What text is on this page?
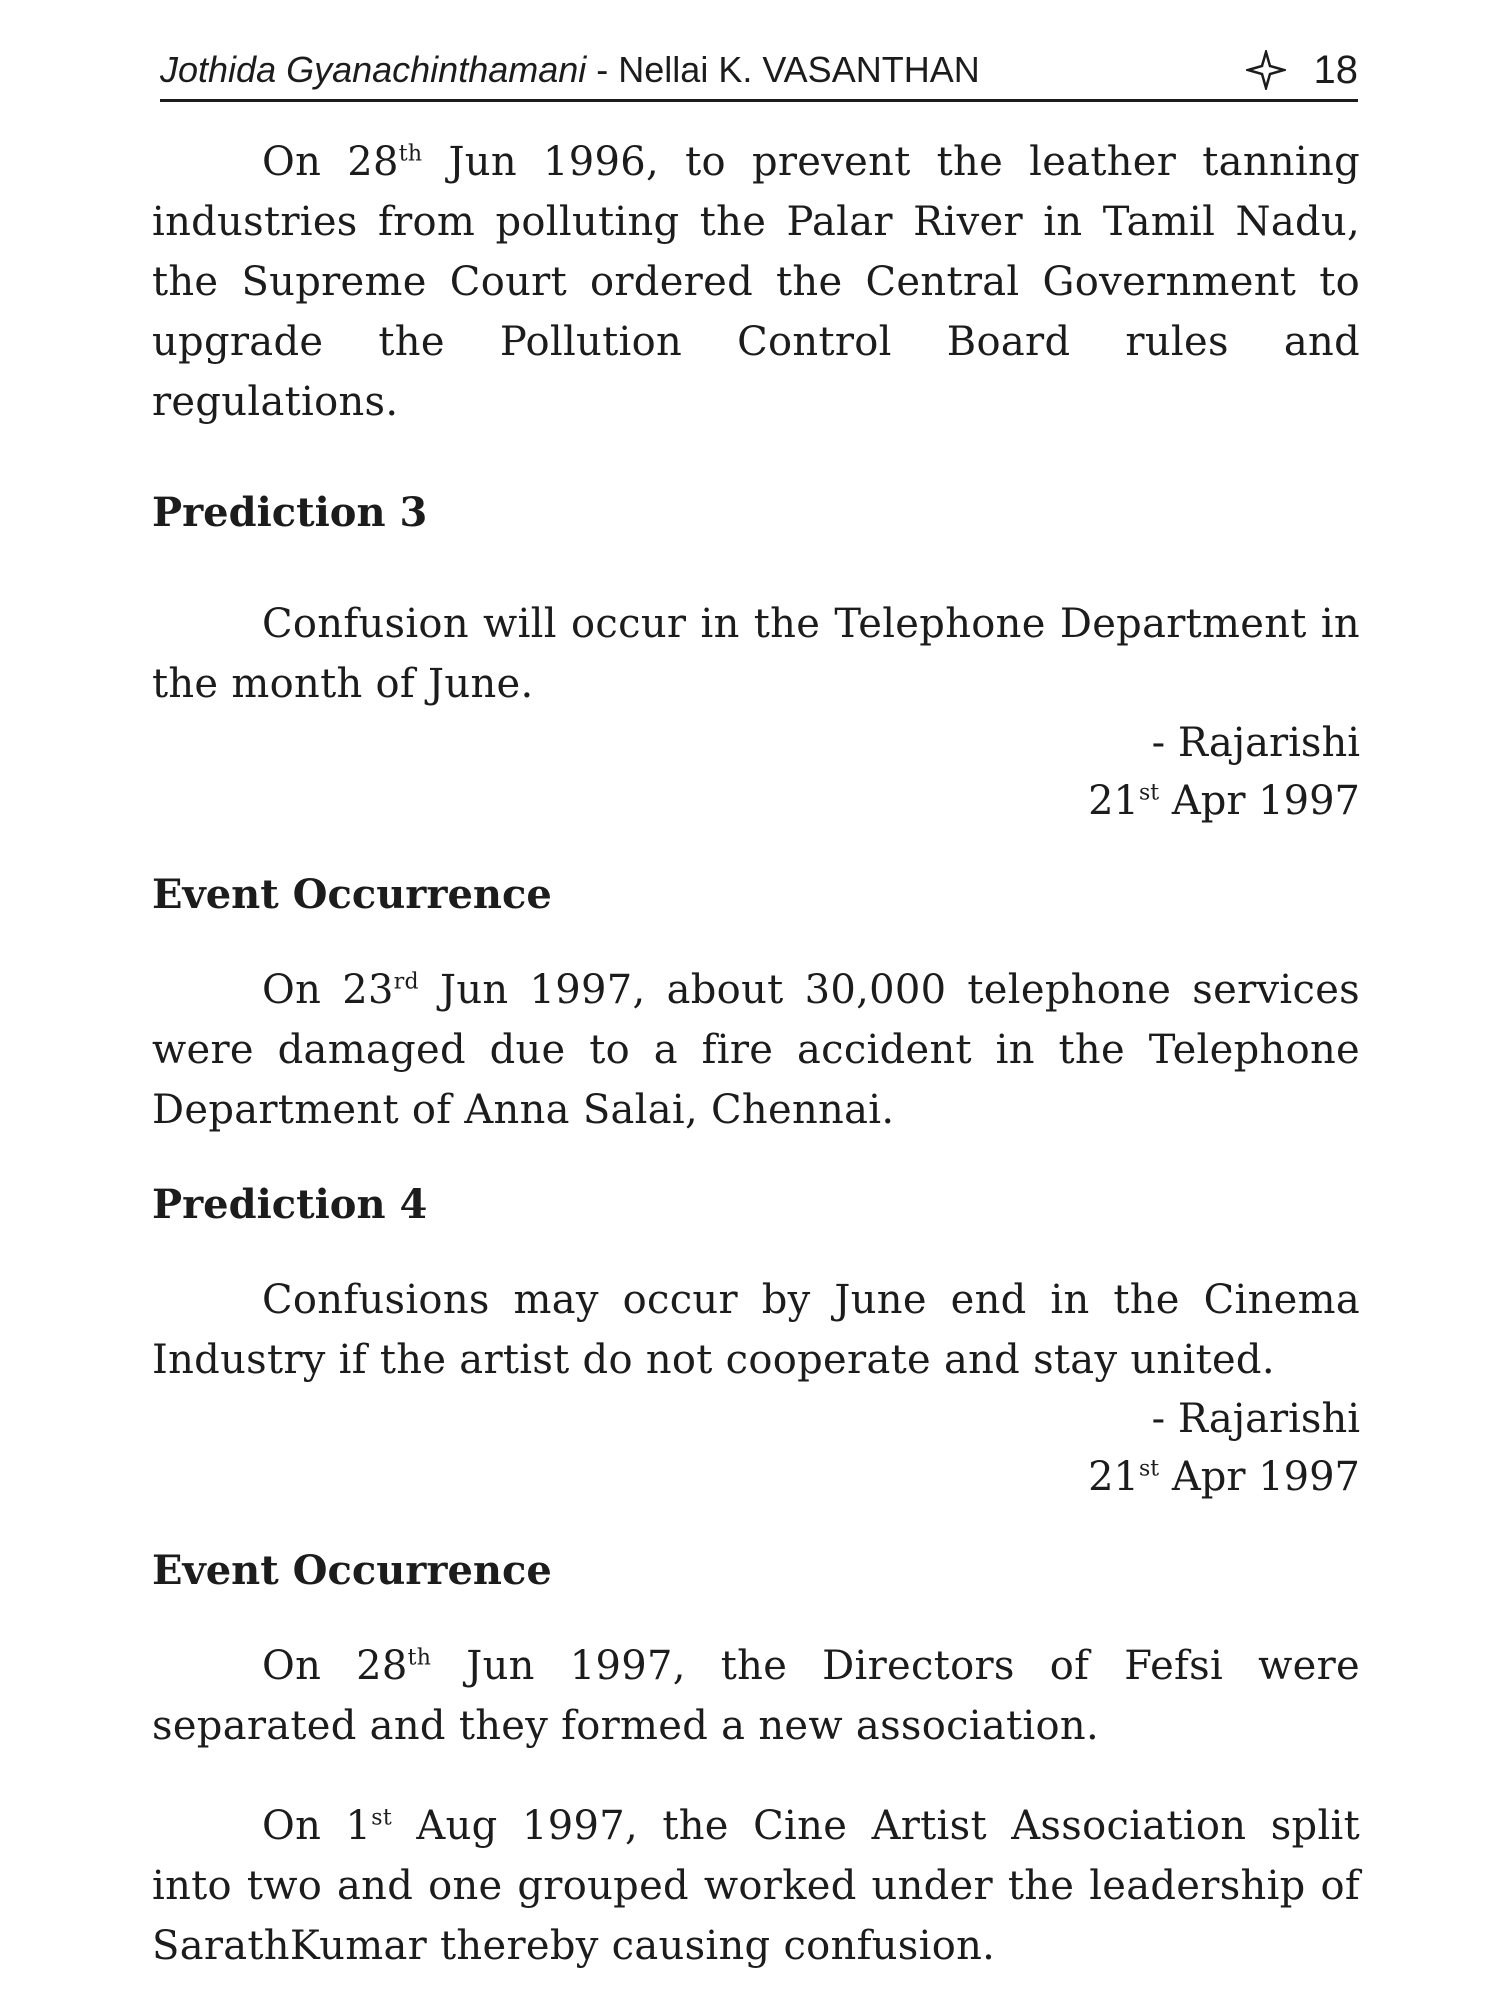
Jothida Gyanachinthamani - Nellai K. VASANTHAN	18

On 28th Jun 1996, to prevent the leather tanning industries from polluting the Palar River in Tamil Nadu, the Supreme Court ordered the Central Government to upgrade the Pollution Control Board rules and regulations.

Prediction 3

Confusion will occur in the Telephone Department in the month of June.

- Rajarishi

21st Apr 1997

Event Occurrence

On 23rd Jun 1997, about 30,000 telephone services were damaged due to a fire accident in the Telephone Department of Anna Salai, Chennai.

Prediction 4

Confusions may occur by June end in the Cinema Industry if the artist do not cooperate and stay united.

- Rajarishi

21st Apr 1997

Event Occurrence

On 28th Jun 1997, the Directors of Fefsi were separated and they formed a new association.

On 1st Aug 1997, the Cine Artist Association split into two and one grouped worked under the leadership of SarathKumar thereby causing confusion.
